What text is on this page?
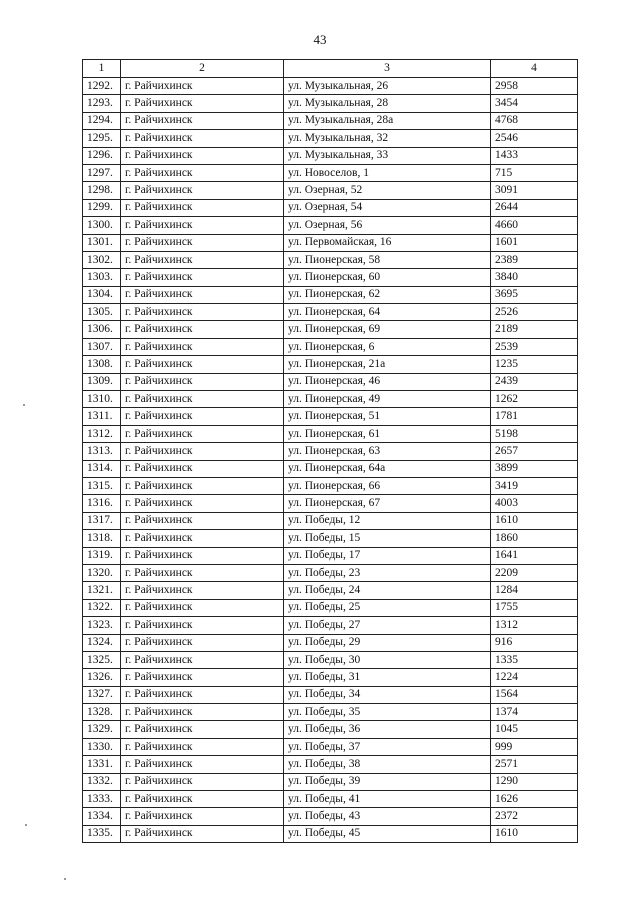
43
1	2	3	4
1292.	г. Райчихинск	ул. Музыкальная, 26	2958
1293.	г. Райчихинск	ул. Музыкальная, 28	3454
1294.	г. Райчихинск	ул. Музыкальная, 28а	4768
1295.	г. Райчихинск	ул. Музыкальная, 32	2546
1296.	г. Райчихинск	ул. Музыкальная, 33	1433
1297.	г. Райчихинск	ул. Новоселов, 1	715
1298.	г. Райчихинск	ул. Озерная, 52	3091
1299.	г. Райчихинск	ул. Озерная, 54	2644
1300.	г. Райчихинск	ул. Озерная, 56	4660
1301.	г. Райчихинск	ул. Первомайская, 16	1601
1302.	г. Райчихинск	ул. Пионерская, 58	2389
1303.	г. Райчихинск	ул. Пионерская, 60	3840
1304.	г. Райчихинск	ул. Пионерская, 62	3695
1305.	г. Райчихинск	ул. Пионерская, 64	2526
1306.	г. Райчихинск	ул. Пионерская, 69	2189
1307.	г. Райчихинск	ул. Пионерская, 6	2539
1308.	г. Райчихинск	ул. Пионерская, 21а	1235
1309.	г. Райчихинск	ул. Пионерская, 46	2439
1310.	г. Райчихинск	ул. Пионерская, 49	1262
1311.	г. Райчихинск	ул. Пионерская, 51	1781
1312.	г. Райчихинск	ул. Пионерская, 61	5198
1313.	г. Райчихинск	ул. Пионерская, 63	2657
1314.	г. Райчихинск	ул. Пионерская, 64а	3899
1315.	г. Райчихинск	ул. Пионерская, 66	3419
1316.	г. Райчихинск	ул. Пионерская, 67	4003
1317.	г. Райчихинск	ул. Победы, 12	1610
1318.	г. Райчихинск	ул. Победы, 15	1860
1319.	г. Райчихинск	ул. Победы, 17	1641
1320.	г. Райчихинск	ул. Победы, 23	2209
1321.	г. Райчихинск	ул. Победы, 24	1284
1322.	г. Райчихинск	ул. Победы, 25	1755
1323.	г. Райчихинск	ул. Победы, 27	1312
1324.	г. Райчихинск	ул. Победы, 29	916
1325.	г. Райчихинск	ул. Победы, 30	1335
1326.	г. Райчихинск	ул. Победы, 31	1224
1327.	г. Райчихинск	ул. Победы, 34	1564
1328.	г. Райчихинск	ул. Победы, 35	1374
1329.	г. Райчихинск	ул. Победы, 36	1045
1330.	г. Райчихинск	ул. Победы, 37	999
1331.	г. Райчихинск	ул. Победы, 38	2571
1332.	г. Райчихинск	ул. Победы, 39	1290
1333.	г. Райчихинск	ул. Победы, 41	1626
1334.	г. Райчихинск	ул. Победы, 43	2372
1335.	г. Райчихинск	ул. Победы, 45	1610
